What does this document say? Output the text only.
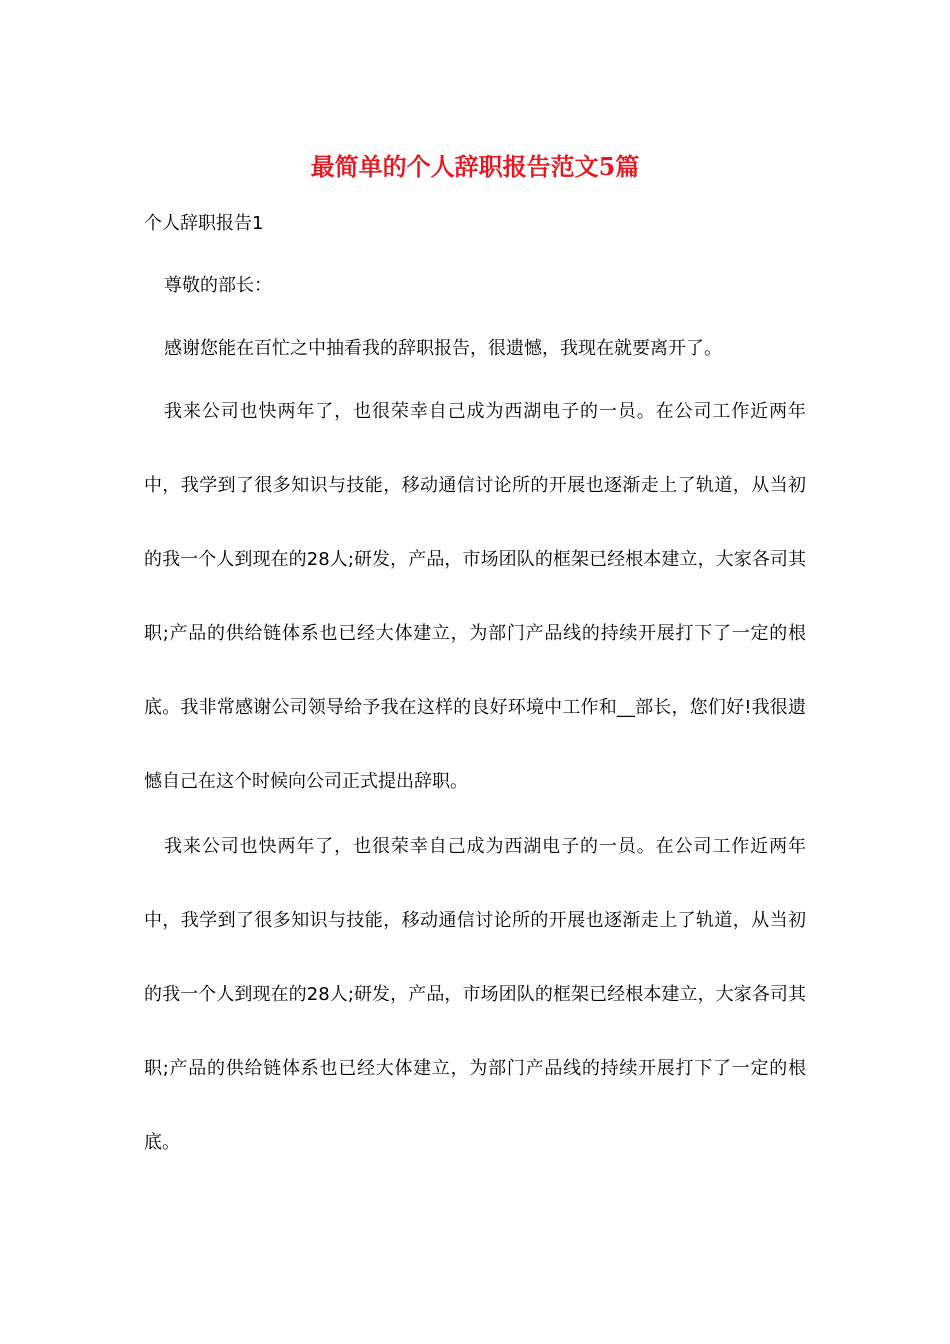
最简单的个人辞职报告范文5篇
个人辞职报告1
尊敬的部长：
感谢您能在百忙之中抽看我的辞职报告，很遗憾，我现在就要离开了。
我来公司也快两年了，也很荣幸自己成为西湖电子的一员。在公司工作近两年中，我学到了很多知识与技能，移动通信讨论所的开展也逐渐走上了轨道，从当初的我一个人到现在的28人;研发，产品，市场团队的框架已经根本建立，大家各司其职;产品的供给链体系也已经大体建立，为部门产品线的持续开展打下了一定的根底。我非常感谢公司领导给予我在这样的良好环境中工作和__部长，您们好!我很遗憾自己在这个时候向公司正式提出辞职。
我来公司也快两年了，也很荣幸自己成为西湖电子的一员。在公司工作近两年中，我学到了很多知识与技能，移动通信讨论所的开展也逐渐走上了轨道，从当初的我一个人到现在的28人;研发，产品，市场团队的框架已经根本建立，大家各司其职;产品的供给链体系也已经大体建立，为部门产品线的持续开展打下了一定的根底。
